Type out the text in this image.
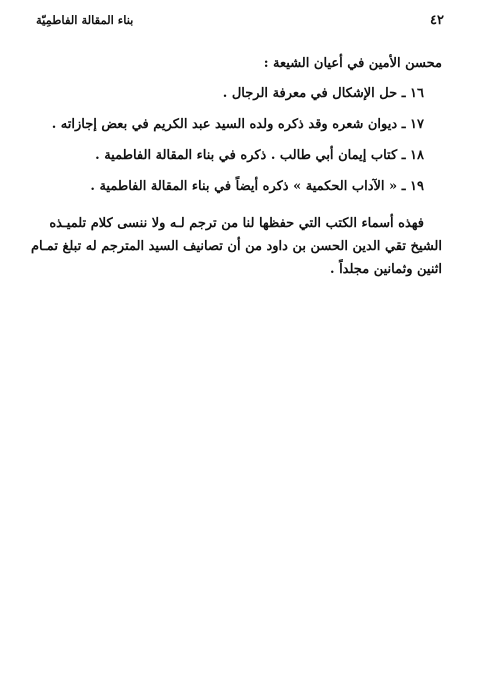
٤٢
بناء المقالة الفاطمِيّة
محسن الأمين في أعيان الشيعة :
١٦ ـ حل الإشكال في معرفة الرجال .
١٧ ـ ديوان شعره وقد ذكره ولده السيد عبد الكريم في بعض إجازاته .
١٨ ـ كتاب إيمان أبي طالب . ذكره في بناء المقالة الفاطمية .
١٩ ـ « الآداب الحكمية » ذكره أيضاً في بناء المقالة الفاطمية .
فهذه أسماء الكتب التي حفظها لنا من ترجم لـه ولا ننسى كلام تلميـذه
الشيخ تقي الدين الحسن بن داود من أن تصانيف السيد المترجم له تبلغ تمـام
اثنين وثمانين مجلداً .
